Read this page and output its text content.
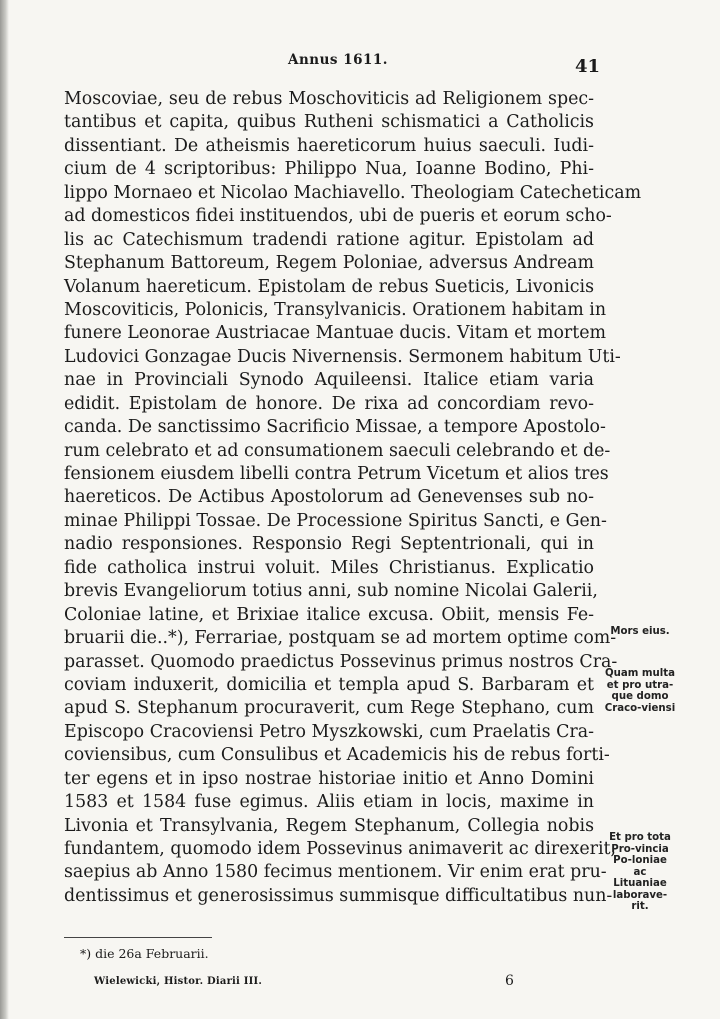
Annus 1611.	41
Moscoviae, seu de rebus Moschoviticis ad Religionem spec-
tantibus et capita, quibus Rutheni schismatici a Catholicis
dissentiant. De atheismis haereticorum huius saeculi. Iudi-
cium de 4 scriptoribus: Philippo Nua, Ioanne Bodino, Phi-
lippo Mornaeo et Nicolao Machiavello. Theologiam Catecheticam
ad domesticos fidei instituendos, ubi de pueris et eorum scho-
lis ac Catechismum tradendi ratione agitur. Epistolam ad
Stephanum Battoreum, Regem Poloniae, adversus Andream
Volanum haereticum. Epistolam de rebus Sueticis, Livonicis
Moscoviticis, Polonicis, Transylvanicis. Orationem habitam in
funere Leonorae Austriacae Mantuae ducis. Vitam et mortem
Ludovici Gonzagae Ducis Nivernensis. Sermonem habitum Uti-
nae in Provinciali Synodo Aquileensi. Italice etiam varia
edidit. Epistolam de honore. De rixa ad concordiam revo-
canda. De sanctissimo Sacrificio Missae, a tempore Apostolo-
rum celebrato et ad consumationem saeculi celebrando et de-
fensionem eiusdem libelli contra Petrum Vicetum et alios tres
haereticos. De Actibus Apostolorum ad Genevenses sub no-
minae Philippi Tossae. De Processione Spiritus Sancti, e Gen-
nadio responsiones. Responsio Regi Septentrionali, qui in
fide catholica instrui voluit. Miles Christianus. Explicatio
brevis Evangeliorum totius anni, sub nomine Nicolai Galerii,
Coloniae latine, et Brixiae italice excusa. Obiit, mensis Fe-
bruarii die..*), Ferrariae, postquam se ad mortem optime com-
parasset. Quomodo praedictus Possevinus primus nostros Cra-
coviam induxerit, domicilia et templa apud S. Barbaram et
apud S. Stephanum procuraverit, cum Rege Stephano, cum
Episcopo Cracoviensi Petro Myszkowski, cum Praelatis Cra-
coviensibus, cum Consulibus et Academicis his de rebus forti-
ter egens et in ipso nostrae historiae initio et Anno Domini
1583 et 1584 fuse egimus. Aliis etiam in locis, maxime in
Livonia et Transylvania, Regem Stephanum, Collegia nobis
fundantem, quomodo idem Possevinus animaverit ac direxerit,
saepius ab Anno 1580 fecimus mentionem. Vir enim erat pru-
dentissimus et generosissimus summisque difficultatibus nun-
Mors eius.
Quam multa et pro utra-que domo Craco-viensi
Et pro tota Pro-vincia Po-loniae ac Lituaniae laborave-rit.
*) die 26a Februarii.
Wielewicki, Histor. Diarii III.	6
